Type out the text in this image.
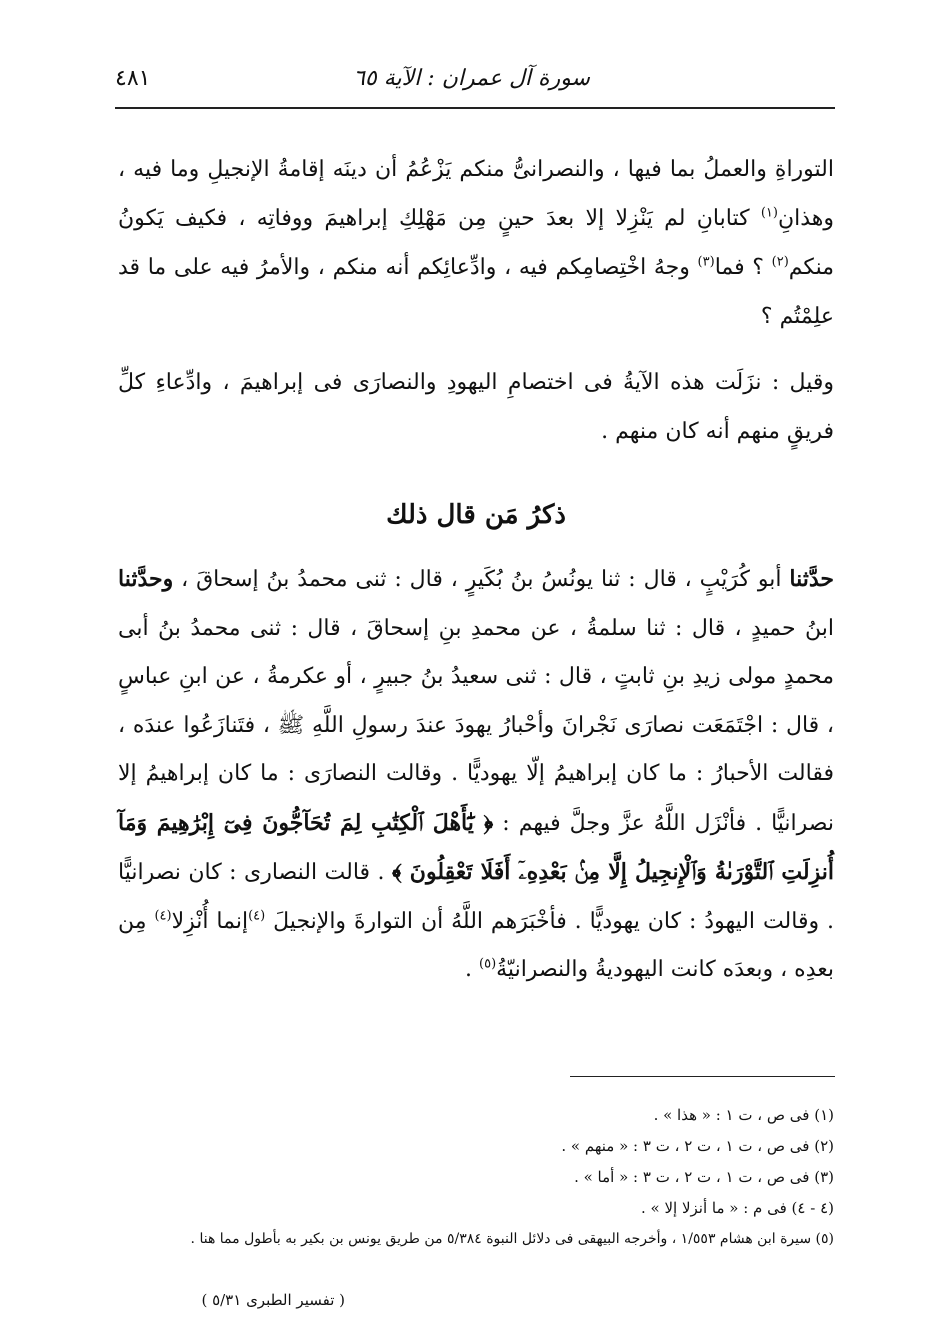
سورة آل عمران : الآية ٦٥
٤٨١

التوراةِ والعملُ بما فيها ، والنصرانىُّ منكم يَزْعُمُ أن دينَه إقامةُ الإنجيلِ وما فيه ، وهذانِ$^{(١)}$ كتابانِ لم يَنْزِلا إلا بعدَ حينٍ مِن مَهْلِكِ إبراهيمَ ووفاتِه ، فكيف يَكونُ منكم$^{(٢)}$ ؟ فما$^{(٣)}$ وجهُ اخْتِصامِكم فيه ، وادِّعائِكم أنه منكم ، والأمرُ فيه على ما قد علِمْتُم ؟

وقيل : نزَلَت هذه الآيةُ فى اختصامِ اليهودِ والنصارَى فى إبراهيمَ ، وادِّعاءِ كلِّ فريقٍ منهم أنه كان منهم .

ذكرُ مَن قال ذلك

حدَّثنا أبو كُرَيْبٍ ، قال : ثنا يونُسُ بنُ بُكَيرٍ ، قال : ثنى محمدُ بنُ إسحاقَ ، وحدَّثنا ابنُ حميدٍ ، قال : ثنا سلمةُ ، عن محمدِ بنِ إسحاقَ ، قال : ثنى محمدُ بنُ أبى محمدٍ مولى زيدِ بنِ ثابتٍ ، قال : ثنى سعيدُ بنُ جبيرٍ ، أو عكرمةُ ، عن ابنِ عباسٍ ، قال : اجْتَمَعَت نصارَى نَجْرانَ وأحْبارُ يهودَ عندَ رسولِ اللَّهِ ﷺ ، فتَنازَعُوا عندَه ، فقالت الأحبارُ : ما كان إبراهيمُ إلّا يهوديًّا . وقالت النصارَى : ما كان إبراهيمُ إلا نصرانيًّا . فأنْزَل اللَّهُ عزَّ وجلَّ فيهم : ﴿ يَٰٓأَهْلَ ٱلْكِتَٰبِ لِمَ تُحَآجُّونَ فِىٓ إِبْرَٰهِيمَ وَمَآ أُنزِلَتِ ٱلتَّوْرَىٰةُ وَٱلْإِنجِيلُ إِلَّا مِنۢ بَعْدِهِۦٓ أَفَلَا تَعْقِلُونَ ﴾ . قالت النصارى : كان نصرانيًّا . وقالت اليهودُ : كان يهوديًّا . فأخْبَرَهم اللَّهُ أن التوارةَ والإنجيلَ $^{(٤)}$إنما أُنْزِلا$^{(٤)}$ مِن بعدِه ، وبعدَه كانت اليهوديةُ والنصرانيّةُ$^{(٥)}$ .

(١) فى ص ، ت ١ : « هذا » .
(٢) فى ص ، ت ١ ، ت ٢ ، ت ٣ : « منهم » .
(٣) فى ص ، ت ١ ، ت ٢ ، ت ٣ : « أما » .
(٤ - ٤) فى م : « ما أنزلا إلا » .
(٥) سيرة ابن هشام ١/٥٥٣ ، وأخرجه البيهقى فى دلائل النبوة ٥/٣٨٤ من طريق يونس بن بكير به بأطول مما هنا .
( تفسير الطبرى ٥/٣١ )
